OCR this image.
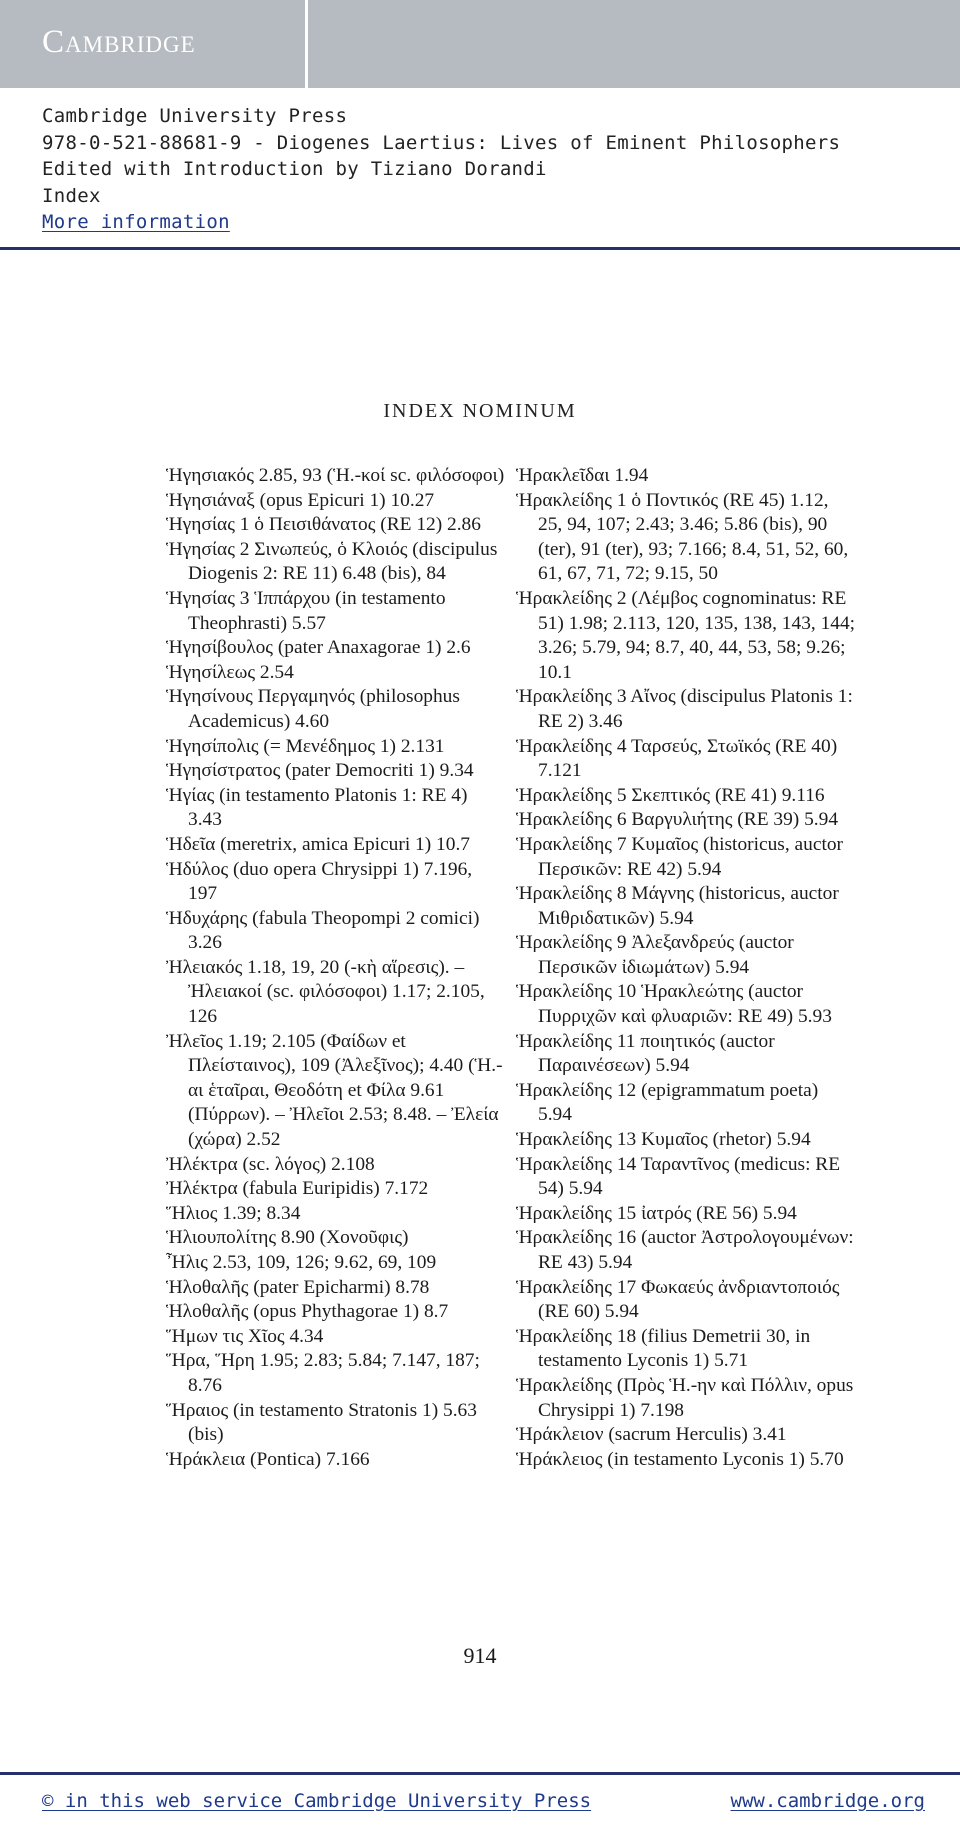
Cambridge
Cambridge University Press
978-0-521-88681-9 - Diogenes Laertius: Lives of Eminent Philosophers
Edited with Introduction by Tiziano Dorandi
Index
More information
INDEX NOMINUM
Ἡγησιακός 2.85, 93 (Ἡ.-κοί sc. φιλόσοφοι)
Ἡγησιάναξ (opus Epicuri 1) 10.27
Ἡγησίας 1 ὁ Πεισιθάνατος (RE 12) 2.86
Ἡγησίας 2 Σινωπεύς, ὁ Κλοιός (discipulus Diogenis 2: RE 11) 6.48 (bis), 84
Ἡγησίας 3 Ἱππάρχου (in testamento Theophrasti) 5.57
Ἡγησίβουλος (pater Anaxagorae 1) 2.6
Ἡγησίλεως 2.54
Ἡγησίνους Περγαμηνός (philosophus Academicus) 4.60
Ἡγησίπολις (= Μενέδημος 1) 2.131
Ἡγησίστρατος (pater Democriti 1) 9.34
Ἡγίας (in testamento Platonis 1: RE 4) 3.43
Ἡδεῖα (meretrix, amica Epicuri 1) 10.7
Ἡδύλος (duo opera Chrysippi 1) 7.196, 197
Ἡδυχάρης (fabula Theopompi 2 comici) 3.26
Ἠλειακός 1.18, 19, 20 (-κὴ αἵρεσις). – Ἠλειακοί (sc. φιλόσοφοι) 1.17; 2.105, 126
Ἠλεῖος 1.19; 2.105 (Φαίδων et Πλείσταινος), 109 (Ἀλεξῖνος); 4.40 (Ἡ.-αι ἑταῖραι, Θεοδότη et Φίλα 9.61 (Πύρρων). – Ἠλεῖοι 2.53; 8.48. – Ἐλεία (χώρα) 2.52
Ἠλέκτρα (sc. λόγος) 2.108
Ἠλέκτρα (fabula Euripidis) 7.172
Ἥλιος 1.39; 8.34
Ἡλιουπολίτης 8.90 (Χονοῦφις)
Ἦλις 2.53, 109, 126; 9.62, 69, 109
Ἡλοθαλῆς (pater Epicharmi) 8.78
Ἡλοθαλῆς (opus Phythagorae 1) 8.7
Ἥμων τις Χῖος 4.34
Ἥρα, Ἥρη 1.95; 2.83; 5.84; 7.147, 187; 8.76
Ἥραιος (in testamento Stratonis 1) 5.63 (bis)
Ἡράκλεια (Pontica) 7.166
Ἡρακλεῖδαι 1.94
Ἡρακλείδης 1 ὁ Ποντικός (RE 45) 1.12, 25, 94, 107; 2.43; 3.46; 5.86 (bis), 90 (ter), 91 (ter), 93; 7.166; 8.4, 51, 52, 60, 61, 67, 71, 72; 9.15, 50
Ἡρακλείδης 2 (Λέμβος cognominatus: RE 51) 1.98; 2.113, 120, 135, 138, 143, 144; 3.26; 5.79, 94; 8.7, 40, 44, 53, 58; 9.26; 10.1
Ἡρακλείδης 3 Αἴνος (discipulus Platonis 1: RE 2) 3.46
Ἡρακλείδης 4 Ταρσεύς, Στωϊκός (RE 40) 7.121
Ἡρακλείδης 5 Σκεπτικός (RE 41) 9.116
Ἡρακλείδης 6 Βαργυλιήτης (RE 39) 5.94
Ἡρακλείδης 7 Κυμαῖος (historicus, auctor Περσικῶν: RE 42) 5.94
Ἡρακλείδης 8 Μάγνης (historicus, auctor Μιθριδατικῶν) 5.94
Ἡρακλείδης 9 Ἀλεξανδρεύς (auctor Περσικῶν ἰδιωμάτων) 5.94
Ἡρακλείδης 10 Ἡρακλεώτης (auctor Πυρριχῶν καὶ φλυαριῶν: RE 49) 5.93
Ἡρακλείδης 11 ποιητικός (auctor Παραινέσεων) 5.94
Ἡρακλείδης 12 (epigrammatum poeta) 5.94
Ἡρακλείδης 13 Κυμαῖος (rhetor) 5.94
Ἡρακλείδης 14 Ταραντῖνος (medicus: RE 54) 5.94
Ἡρακλείδης 15 ἰατρός (RE 56) 5.94
Ἡρακλείδης 16 (auctor Ἀστρολογουμένων: RE 43) 5.94
Ἡρακλείδης 17 Φωκαεύς ἀνδριαντοποιός (RE 60) 5.94
Ἡρακλείδης 18 (filius Demetrii 30, in testamento Lyconis 1) 5.71
Ἡρακλείδης (Πρὸς Ἡ.-ην καὶ Πόλλιν, opus Chrysippi 1) 7.198
Ἡράκλειον (sacrum Herculis) 3.41
Ἡράκλειος (in testamento Lyconis 1) 5.70
914
© in this web service Cambridge University Press	www.cambridge.org
